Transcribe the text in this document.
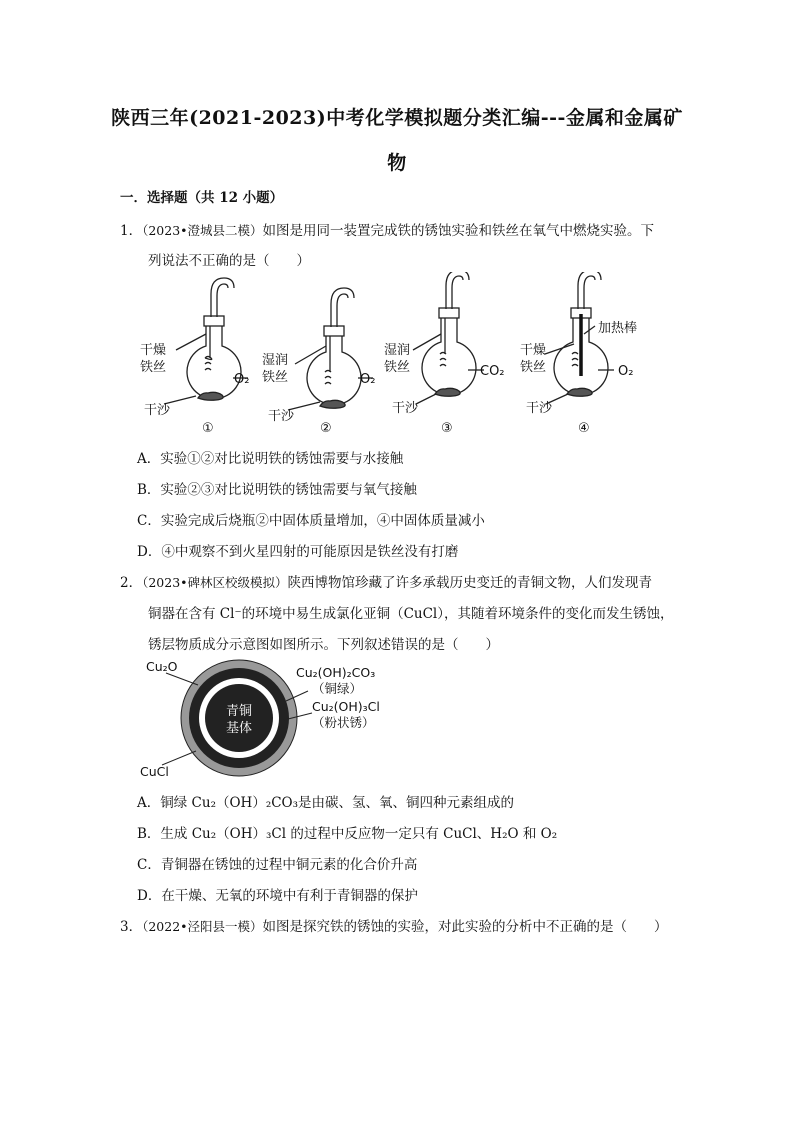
陕西三年(2021-2023)中考化学模拟题分类汇编---金属和金属矿
物
一．选择题（共 12 小题）
1．（2023•澄城县二模）如图是用同一装置完成铁的锈蚀实验和铁丝在氧气中燃烧实验。下
列说法不正确的是（　　）
干燥
铁丝
O₂
干沙
①
湿润
铁丝	O₂
干沙
②
湿润
铁丝	CO₂
干沙
③
加热棒
干燥
铁丝	O₂
干沙
④
A．实验①②对比说明铁的锈蚀需要与水接触
B．实验②③对比说明铁的锈蚀需要与氧气接触
C．实验完成后烧瓶②中固体质量增加，④中固体质量减小
D．④中观察不到火星四射的可能原因是铁丝没有打磨
2．（2023•碑林区校级模拟）陕西博物馆珍藏了许多承载历史变迁的青铜文物，人们发现青
铜器在含有 Cl⁻的环境中易生成氯化亚铜（CuCl），其随着环境条件的变化而发生锈蚀，
锈层物质成分示意图如图所示。下列叙述错误的是（　　）
Cu₂O
CuCl
Cu₂(OH)₂CO₃
（铜绿）
Cu₂(OH)₃Cl
（粉状锈）
青铜
基体
A．铜绿 Cu₂（OH）₂CO₃是由碳、氢、氧、铜四种元素组成的
B．生成 Cu₂（OH）₃Cl 的过程中反应物一定只有 CuCl、H₂O 和 O₂
C．青铜器在锈蚀的过程中铜元素的化合价升高
D．在干燥、无氧的环境中有利于青铜器的保护
3．（2022•泾阳县一模）如图是探究铁的锈蚀的实验，对此实验的分析中不正确的是（　　）
